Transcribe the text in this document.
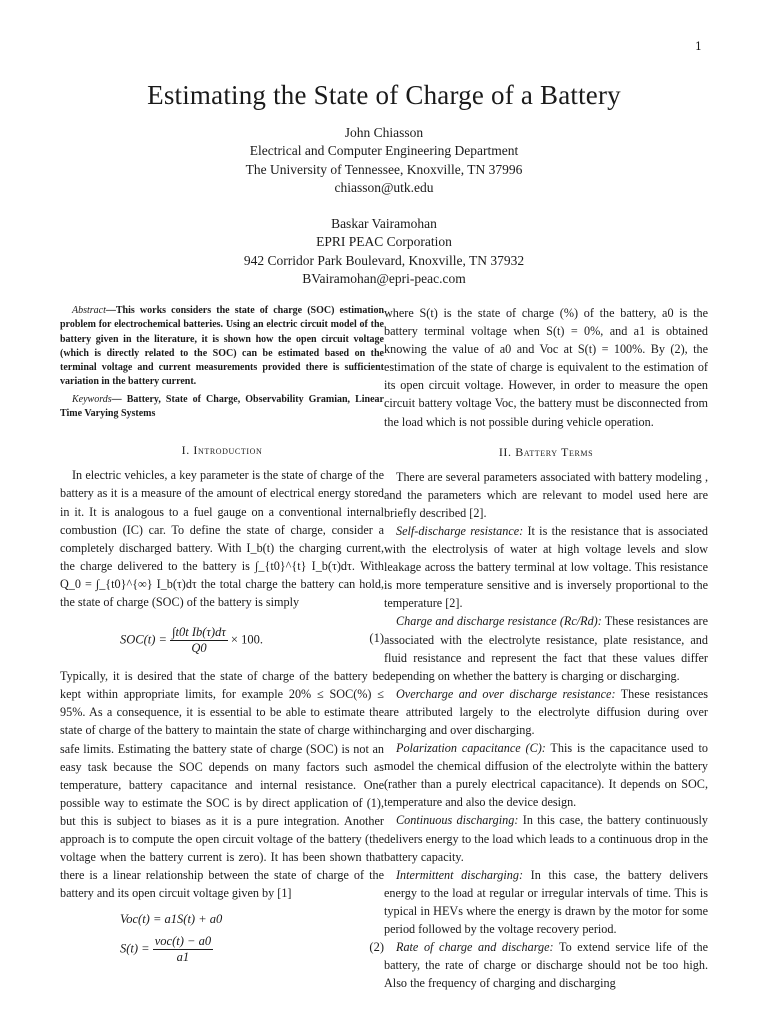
1
Estimating the State of Charge of a Battery
John Chiasson
Electrical and Computer Engineering Department
The University of Tennessee, Knoxville, TN 37996
chiasson@utk.edu
Baskar Vairamohan
EPRI PEAC Corporation
942 Corridor Park Boulevard, Knoxville, TN 37932
BVairamohan@epri-peac.com

Abstract—This works considers the state of charge (SOC) estimation problem for electrochemical batteries. Using an electric circuit model of the battery given in the literature, it is shown how the open circuit voltage (which is directly related to the SOC) can be estimated based on the terminal voltage and current measurements provided there is sufficient variation in the battery current.

Keywords— Battery, State of Charge, Observability Gramian, Linear Time Varying Systems

I. Introduction

In electric vehicles, a key parameter is the state of charge of the battery as it is a measure of the amount of electrical energy stored in it. It is analogous to a fuel gauge on a conventional internal combustion (IC) car. To define the state of charge, consider a completely discharged battery. With I_b(t) the charging current, the charge delivered to the battery is ∫_{t0}^{t} I_b(τ)dτ. With Q_0 = ∫_{t0}^{∞} I_b(τ)dτ the total charge the battery can hold, the state of charge (SOC) of the battery is simply

$SOC(t) = \frac{\text{∫t0t Ib(τ)dτ}}{Q0} \times 100$.	(1)

Typically, it is desired that the state of charge of the battery be kept within appropriate limits, for example 20% ≤ SOC(%) ≤ 95%. As a consequence, it is essential to be able to estimate the state of charge of the battery to maintain the state of charge within safe limits. Estimating the battery state of charge (SOC) is not an easy task because the SOC depends on many factors such as temperature, battery capacitance and internal resistance. One possible way to estimate the SOC is by direct application of (1), but this is subject to biases as it is a pure integration. Another approach is to compute the open circuit voltage of the battery (the voltage when the battery current is zero). It has been shown that there is a linear relationship between the state of charge of the battery and its open circuit voltage given by [1]

Voc(t) = a1S(t) + a0
$S(t) = \frac{\text{voc(t) − a0}}{a1}$	(2)

where S(t) is the state of charge (%) of the battery, a0 is the battery terminal voltage when S(t) = 0%, and a1 is obtained knowing the value of a0 and Voc at S(t) = 100%. By (2), the estimation of the state of charge is equivalent to the estimation of its open circuit voltage. However, in order to measure the open circuit battery voltage Voc, the battery must be disconnected from the load which is not possible during vehicle operation.

II. Battery Terms

There are several parameters associated with battery modeling , and the parameters which are relevant to model used here are briefly described [2].

Self-discharge resistance: It is the resistance that is associated with the electrolysis of water at high voltage levels and slow leakage across the battery terminal at low voltage. This resistance is more temperature sensitive and is inversely proportional to the temperature [2].

Charge and discharge resistance (Rc/Rd): These resistances are associated with the electrolyte resistance, plate resistance, and fluid resistance and represent the fact that these values differ depending on whether the battery is charging or discharging.

Overcharge and over discharge resistance: These resistances are attributed largely to the electrolyte diffusion during over charging and over discharging.

Polarization capacitance (C): This is the capacitance used to model the chemical diffusion of the electrolyte within the battery (rather than a purely electrical capacitance). It depends on SOC, temperature and also the device design.

Continuous discharging: In this case, the battery continuously delivers energy to the load which leads to a continuous drop in the battery capacity.

Intermittent discharging: In this case, the battery delivers energy to the load at regular or irregular intervals of time. This is typical in HEVs where the energy is drawn by the motor for some period followed by the voltage recovery period.

Rate of charge and discharge: To extend service life of the battery, the rate of charge or discharge should not be too high. Also the frequency of charging and discharging
